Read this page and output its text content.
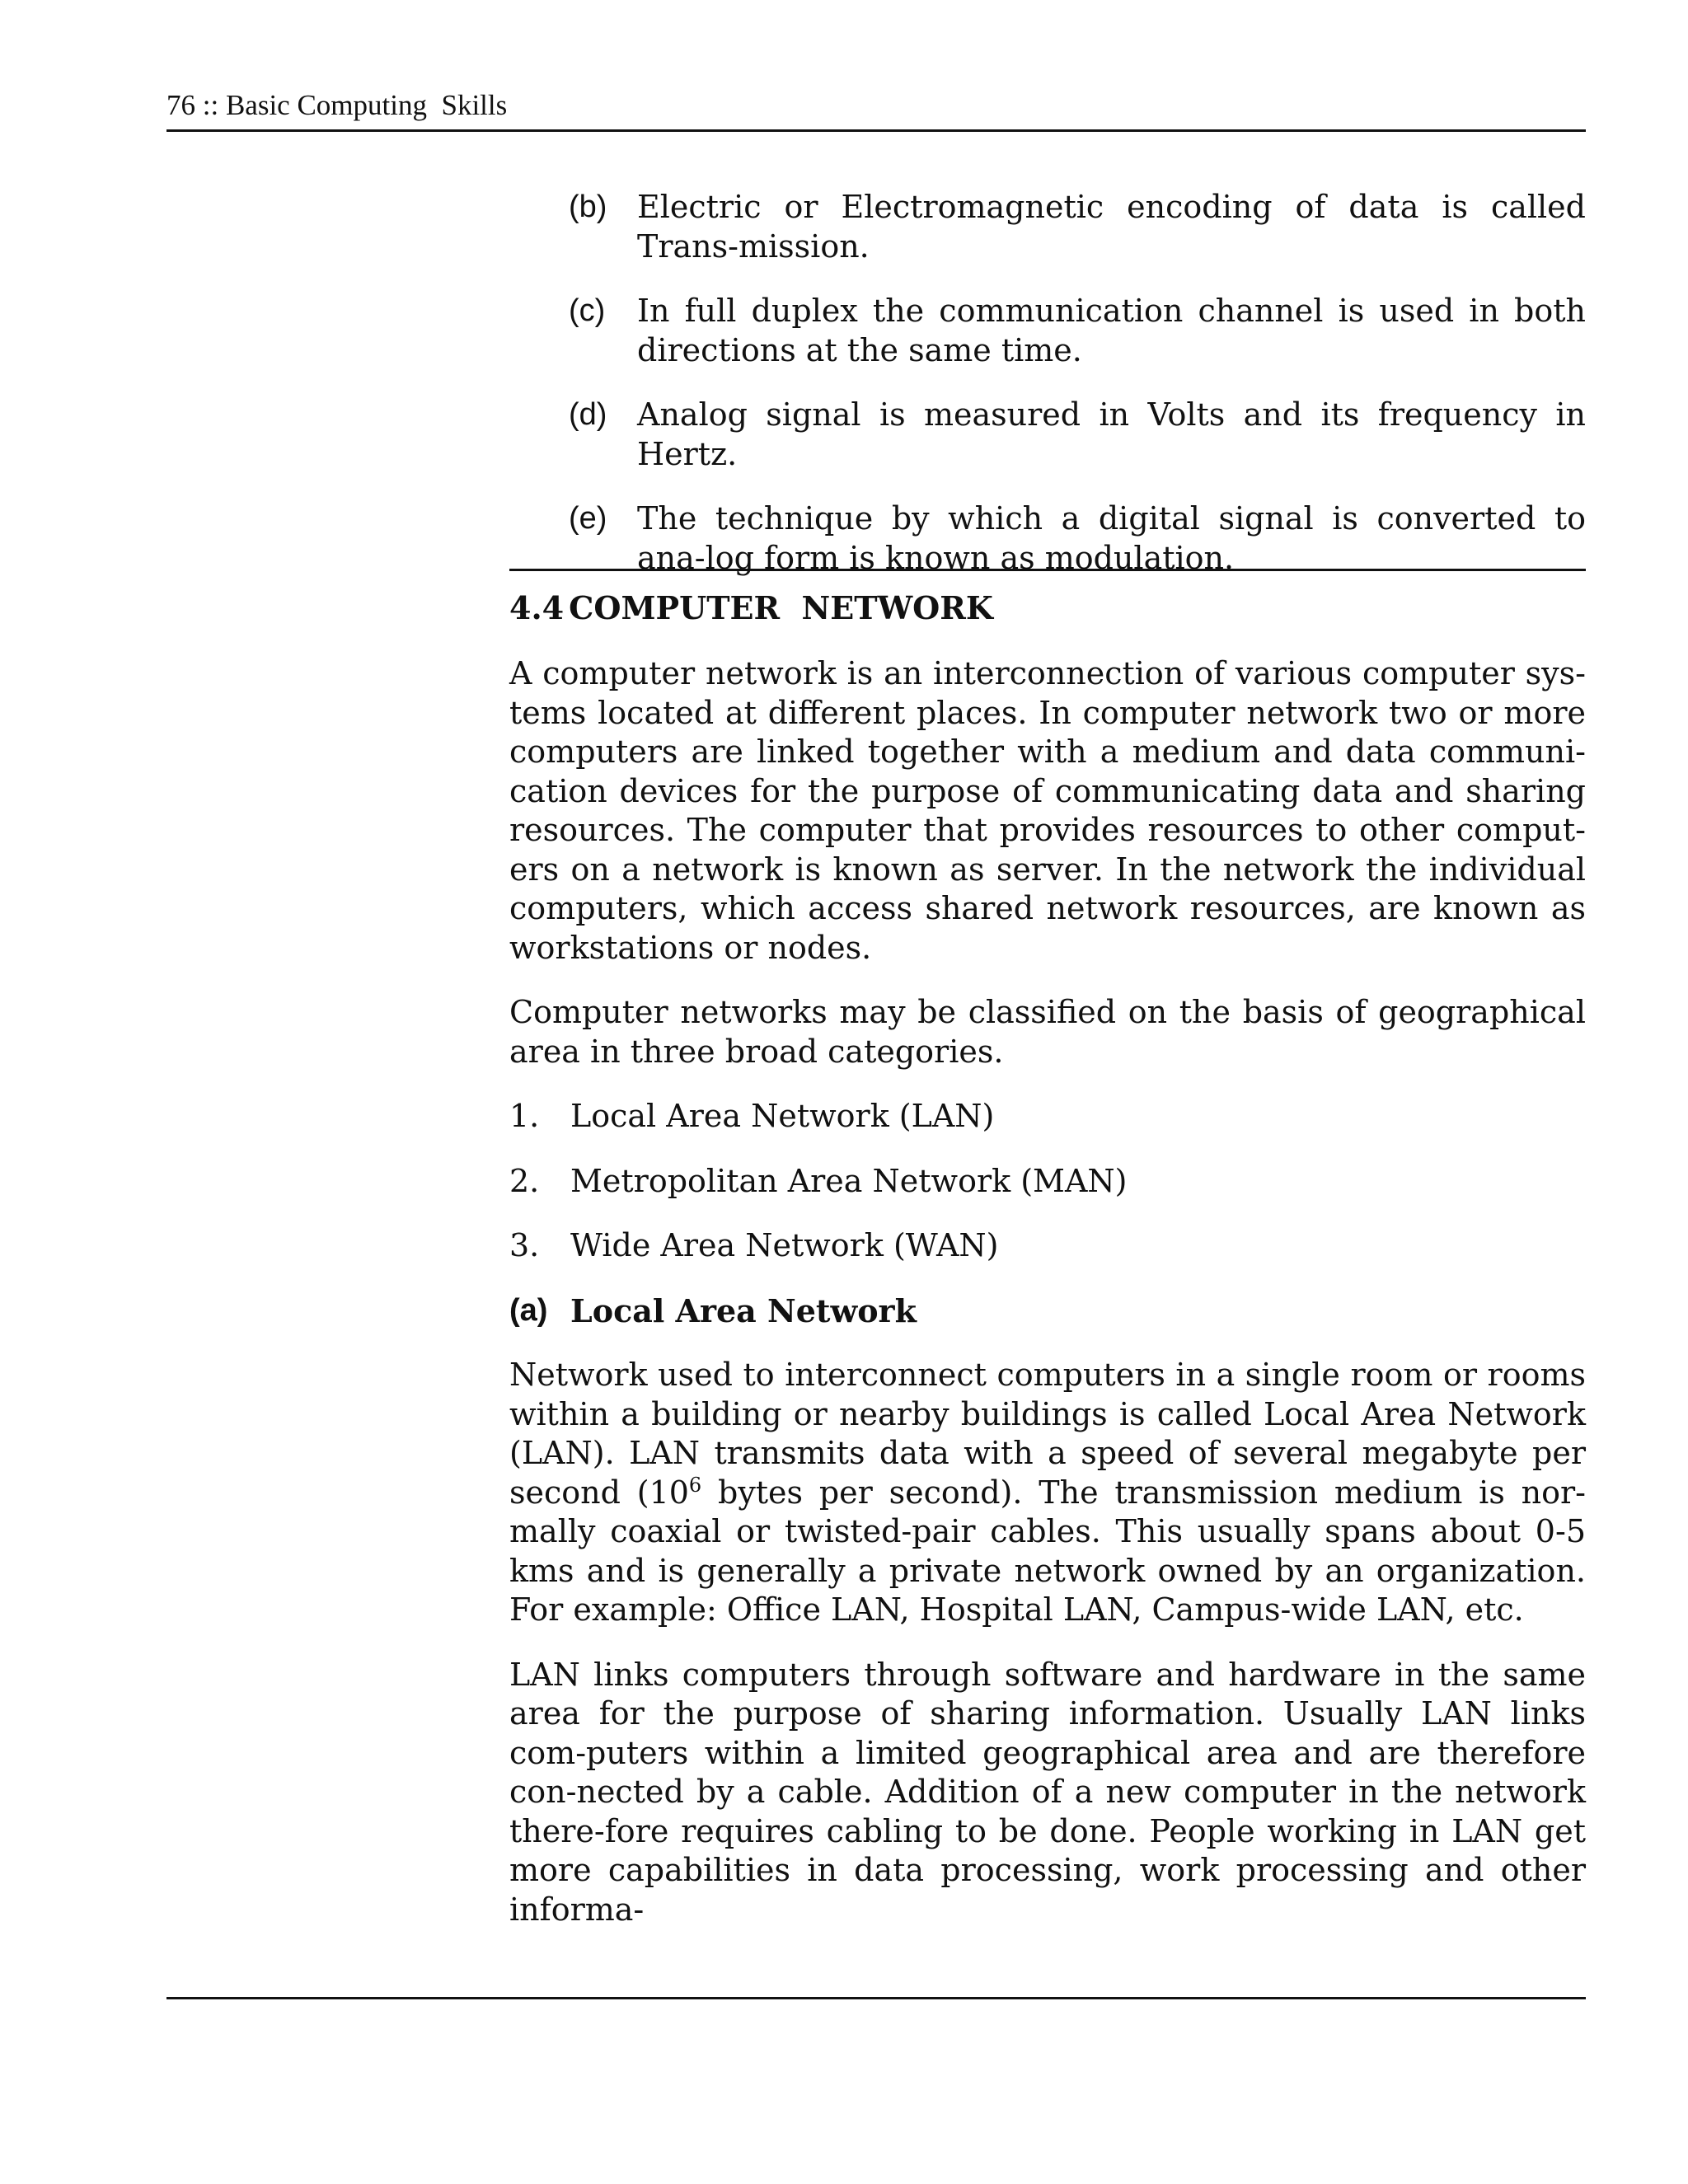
76 :: Basic Computing  Skills
(b) Electric or Electromagnetic encoding of data is called Trans-mission.
(c)	In full duplex the communication channel is used in both directions at the same time.
(d) Analog signal is measured in Volts and its frequency in Hertz.
(e) The technique by which a digital signal is converted to ana-log form is known as modulation.
4.4 COMPUTER  NETWORK

A computer network is an interconnection of various computer sys-tems located at different places. In computer network two or more computers are linked together with a medium and data communi-cation devices for the purpose of communicating data and sharing resources. The computer that provides resources to other comput-ers on a network is known as server. In the network the individual computers, which access shared network resources, are known as workstations or nodes.

Computer networks may be classified on the basis of geographical area in three broad categories.

1. Local Area Network (LAN)
2. Metropolitan Area Network (MAN)
3. Wide Area Network (WAN)
(a) Local Area Network

Network used to interconnect computers in a single room or rooms within a building or nearby buildings is called Local Area Network (LAN). LAN transmits data with a speed of several megabyte per second ($10^6$ bytes per second). The transmission medium is nor-mally coaxial or twisted-pair cables. This usually spans about 0-5 kms and is generally a private network owned by an organization. For example: Office LAN, Hospital LAN, Campus-wide LAN, etc.

LAN links computers through software and hardware in the same area for the purpose of sharing information. Usually LAN links com-puters within a limited geographical area and are therefore con-nected by a cable. Addition of a new computer in the network there-fore requires cabling to be done. People working in LAN get more capabilities in data processing, work processing and other informa-
